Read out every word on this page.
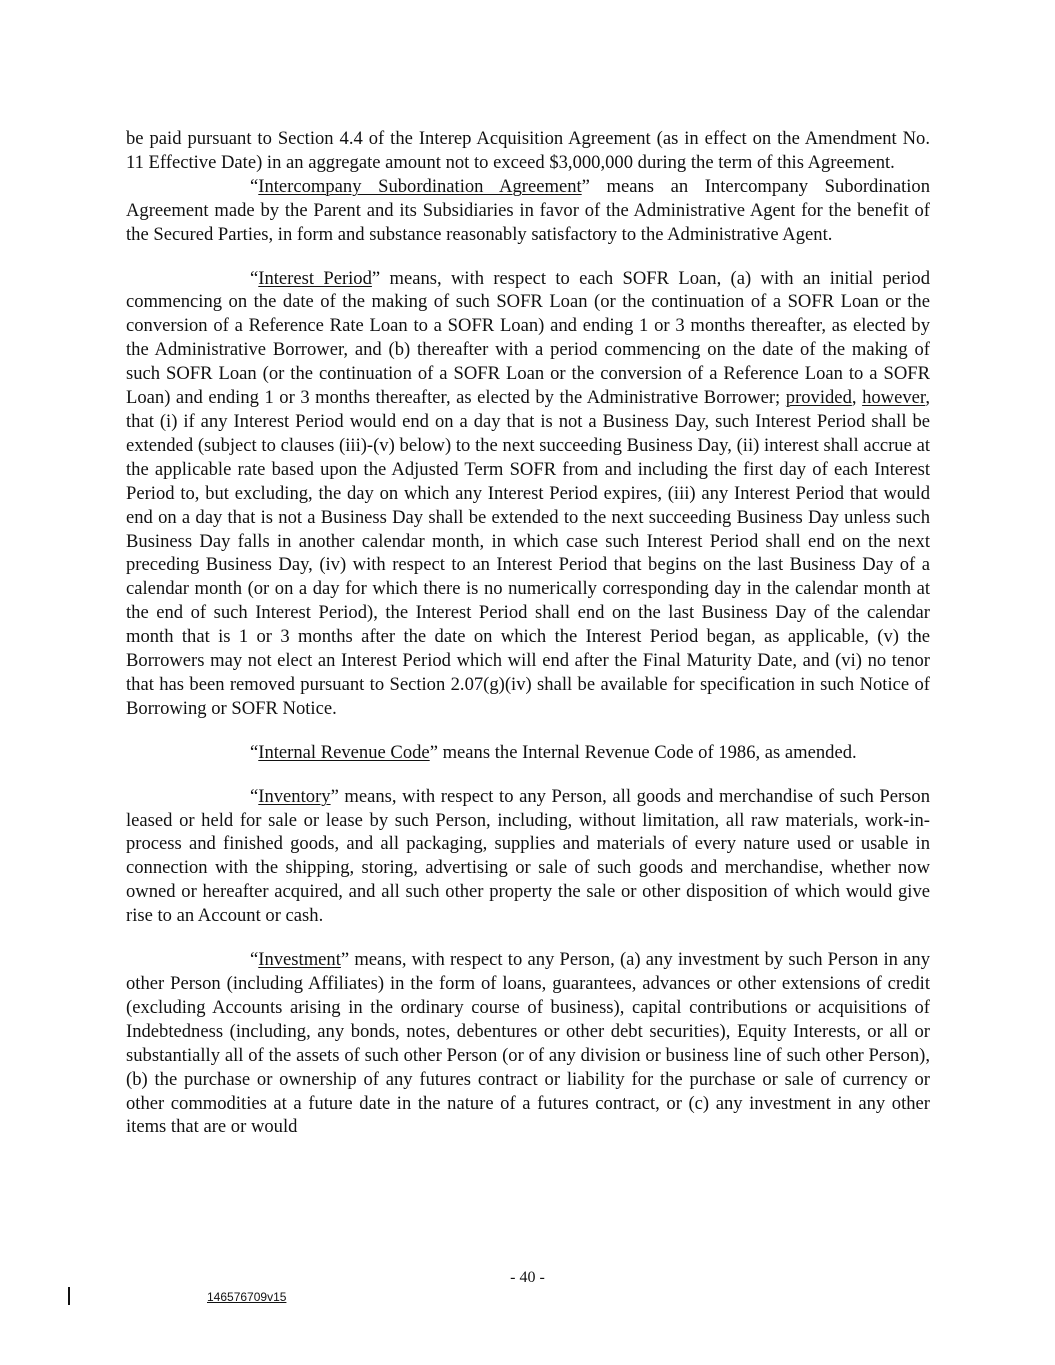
be paid pursuant to Section 4.4 of the Interep Acquisition Agreement (as in effect on the Amendment No. 11 Effective Date) in an aggregate amount not to exceed $3,000,000 during the term of this Agreement.

“Intercompany Subordination Agreement” means an Intercompany Subordination Agreement made by the Parent and its Subsidiaries in favor of the Administrative Agent for the benefit of the Secured Parties, in form and substance reasonably satisfactory to the Administrative Agent.

“Interest Period” means, with respect to each SOFR Loan, (a) with an initial period commencing on the date of the making of such SOFR Loan (or the continuation of a SOFR Loan or the conversion of a Reference Rate Loan to a SOFR Loan) and ending 1 or 3 months thereafter, as elected by the Administrative Borrower, and (b) thereafter with a period commencing on the date of the making of such SOFR Loan (or the continuation of a SOFR Loan or the conversion of a Reference Loan to a SOFR Loan) and ending 1 or 3 months thereafter, as elected by the Administrative Borrower; provided, however, that (i) if any Interest Period would end on a day that is not a Business Day, such Interest Period shall be extended (subject to clauses (iii)-(v) below) to the next succeeding Business Day, (ii) interest shall accrue at the applicable rate based upon the Adjusted Term SOFR from and including the first day of each Interest Period to, but excluding, the day on which any Interest Period expires, (iii) any Interest Period that would end on a day that is not a Business Day shall be extended to the next succeeding Business Day unless such Business Day falls in another calendar month, in which case such Interest Period shall end on the next preceding Business Day, (iv) with respect to an Interest Period that begins on the last Business Day of a calendar month (or on a day for which there is no numerically corresponding day in the calendar month at the end of such Interest Period), the Interest Period shall end on the last Business Day of the calendar month that is 1 or 3 months after the date on which the Interest Period began, as applicable, (v) the Borrowers may not elect an Interest Period which will end after the Final Maturity Date, and (vi) no tenor that has been removed pursuant to Section 2.07(g)(iv) shall be available for specification in such Notice of Borrowing or SOFR Notice.

“Internal Revenue Code” means the Internal Revenue Code of 1986, as amended.

“Inventory” means, with respect to any Person, all goods and merchandise of such Person leased or held for sale or lease by such Person, including, without limitation, all raw materials, work-in-process and finished goods, and all packaging, supplies and materials of every nature used or usable in connection with the shipping, storing, advertising or sale of such goods and merchandise, whether now owned or hereafter acquired, and all such other property the sale or other disposition of which would give rise to an Account or cash.

“Investment” means, with respect to any Person, (a) any investment by such Person in any other Person (including Affiliates) in the form of loans, guarantees, advances or other extensions of credit (excluding Accounts arising in the ordinary course of business), capital contributions or acquisitions of Indebtedness (including, any bonds, notes, debentures or other debt securities), Equity Interests, or all or substantially all of the assets of such other Person (or of any division or business line of such other Person), (b) the purchase or ownership of any futures contract or liability for the purchase or sale of currency or other commodities at a future date in the nature of a futures contract, or (c) any investment in any other items that are or would

- 40 -
146576709v15
